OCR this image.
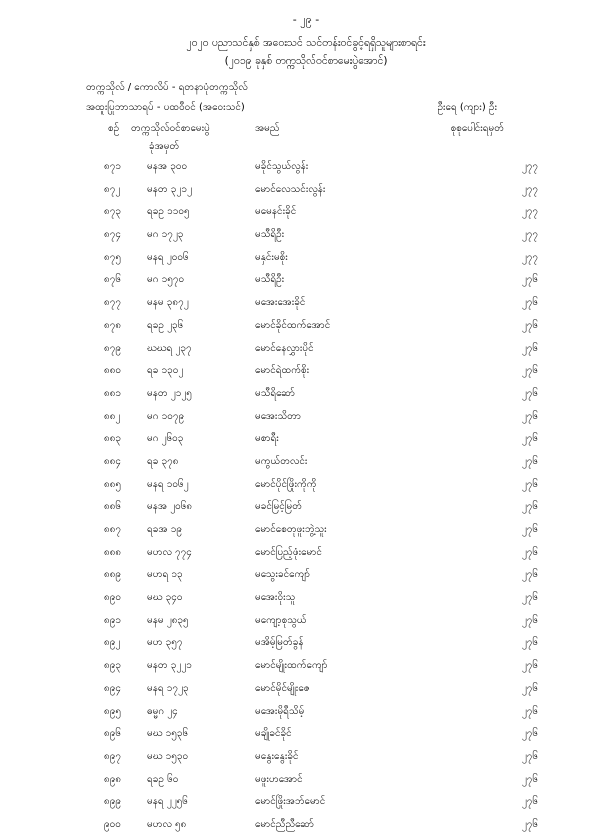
- ၂၉ -
၂၀၂၀ ပညာသင်နှစ် အဝေးသင် သင်တန်းဝင်ခွင့်ရရှိသူများစာရင်း
(၂၀၁၉ ခုနှစ် တက္ကသိုလ်ဝင်စာမေးပွဲအောင်)
တက္ကသိုလ် / ကောလိပ် - ရတနာပုံတက္ကသိုလ်
အထူးပြုဘာသာရပ် - ပထဝီဝင် (အဝေးသင်)	ဦးရေ (ကျား) ဦး
စဉ် တက္ကသိုလ်ဝင်စာမေးပွဲ
ခုံအမှတ်
အမည်	စုစုပေါင်းရမှတ်
၈၇၁	မနအ ၃၀၀	မခိုင်သွယ်လွန်း	၂၇၇
၈၇၂	မနတ ၃၂၁၂	မောင်လေသင်းလွန်း	၂၇၇
၈၇၃	ရခဥ ၁၁၀၅	မမေနင်းခိုင်	၂၇၇
၈၇၄	မဂ ၁၇၂၃	မသီရိဦး	၂၇၇
၈၇၅	မနရ ၂၀၀၆	မနှင်းမစိုး	၂၇၇
၈၇၆	မဂ ၁၅၇၀	မသီရိဦး	၂၇၆
၈၇၇	မနမ ၃၈၇၂	မအေးအေးခိုင်	၂၇၆
၈၇၈	ရခဥ ၂၃၆	မောင်ခိုင်ထက်အောင်	၂၇၆
၈၇၉	ဃဃရ ၂၃၇	မောင်နေလွှားပိုင်	၂၇၆
၈၈၀	ရခ ၁၃၀၂	မောင်ရဲထက်စိုး	၂၇၆
၈၈၁	မနတ ၂၁၂၅	မသီရိဆော်	၂၇၆
၈၈၂	မဂ ၁၀၇၉	မအေးသိတာ	၂၇၆
၈၈၃	မဂ ၂၆၀၃	မစာရီး	၂၇၆
၈၈၄	ရခ ၃၇၈	မကွယ်တလင်း	၂၇၆
၈၈၅	မနရ ၁၀၆၂	မောင်ပိုင်ဖြိုးကိုကို	၂၇၆
၈၈၆	မနအ ၂၀၆၈	မခင်မြင့်မြတ်	၂၇၆
၈၈၇	ရခအ ၁၉	မောင်စေတုဖူးဘွဲ့သူး	၂၇၆
၈၈၈	မဟလ ၇၇၄	မောင်ပြည့်ဖုံးမောင်	၂၇၆
၈၈၉	မဟရ ၁၃	မသွေးခင်ကျော်	၂၇၆
၈၉၀	မဃ ၃၄၀	မအေးဝိုးသူ	၂၇၆
၈၉၁	မနမ ၂၈၃၅	မကျော့စုသွယ်	၂၇၆
၈၉၂	မဟ ၃၅၇	မအိမ့်မြတ်ခွန်	၂၇၆
၈၉၃	မနတ ၃၂၂၁	မောင်မျိုးထက်ကျော်	၂၇၆
၈၉၄	မနရ ၁၇၂၃	မောင်မိုင်မျိုးဇေ	၂၇၆
၈၉၅	ဓမ္မဂ ၂၄	မအေးမိုရီသိမ့်	၂၇၆
၈၉၆	မဃ ၁၅၃၆	မချိုခင်ခိုင်	၂၇၆
၈၉၇	မဃ ၁၅၃၀	မနွေးနွေးခိုင်	၂၇၆
၈၉၈	ရခဥ ၆၀	မဖူးဟအောင်	၂၇၆
၈၉၉	မနရ ၂၂၅၆	မောင်ဖြိုးအဘ်မောင်	၂၇၆
၉၀၀	မဟလ ၅၈	မောင်ညီညီဆော်	၂၇၆
